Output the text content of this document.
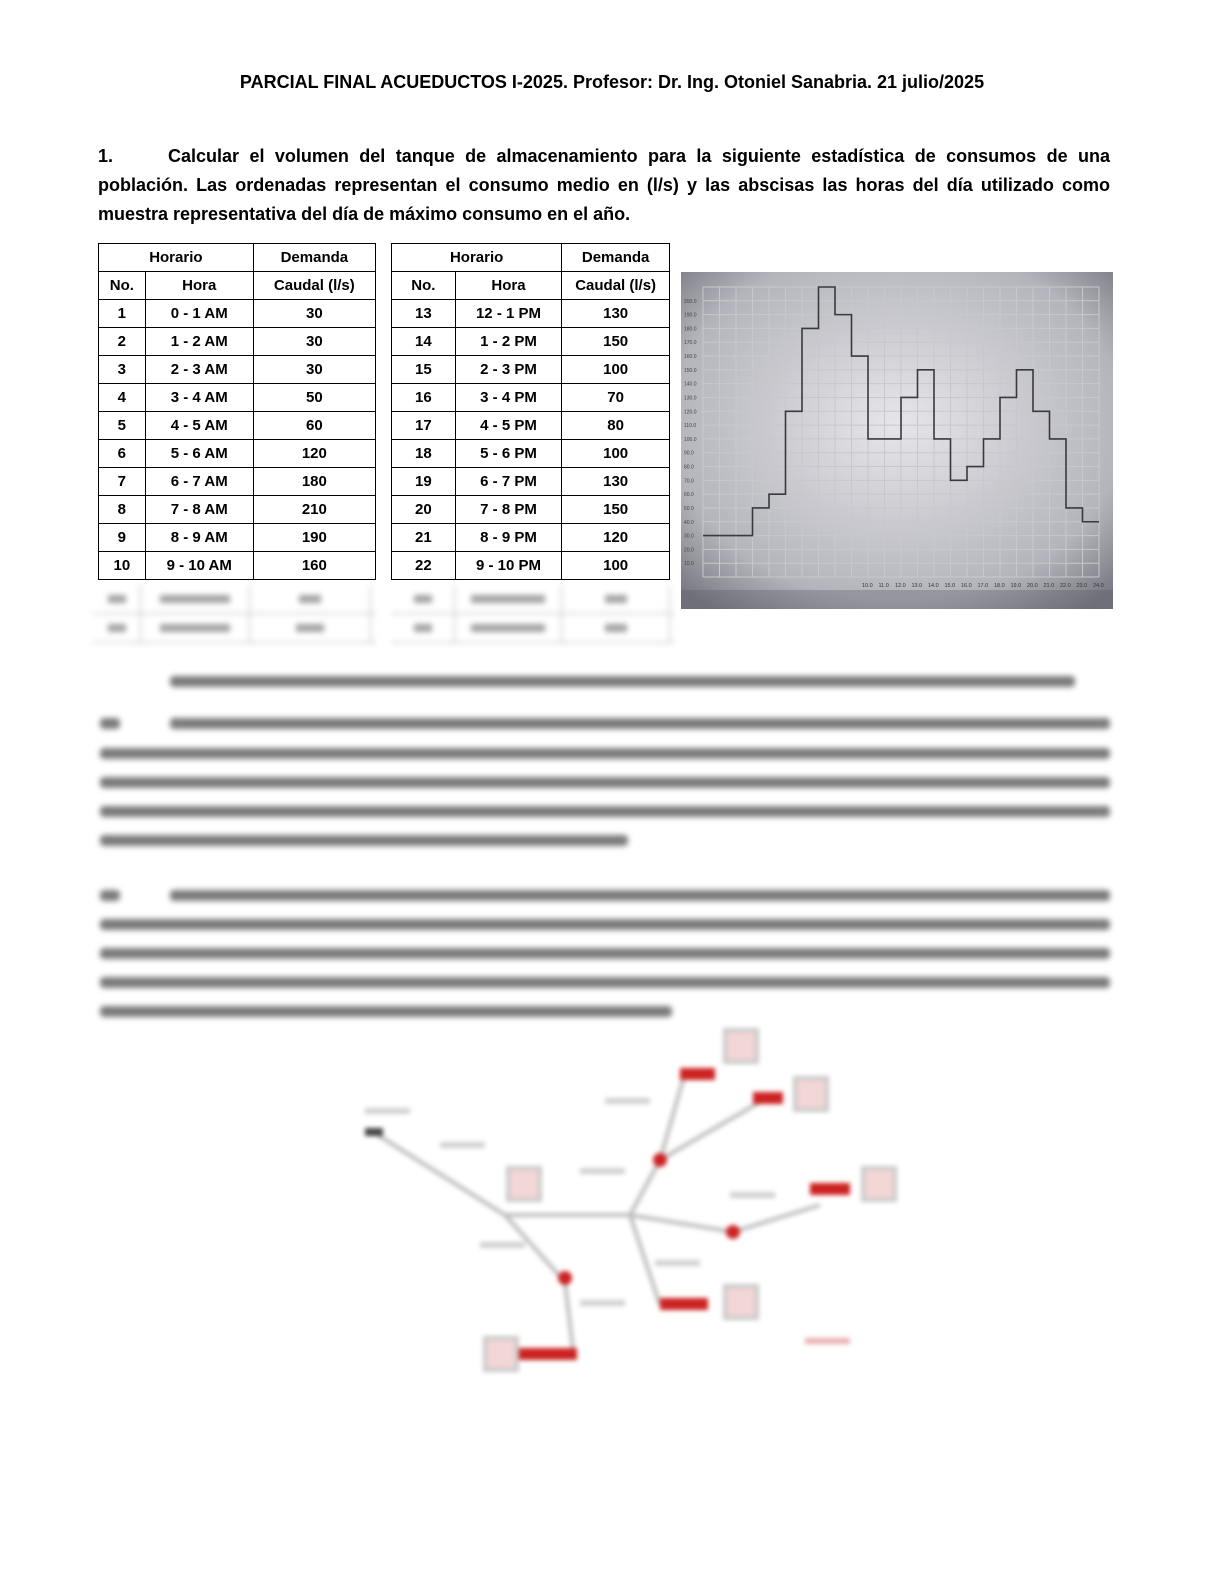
PARCIAL FINAL ACUEDUCTOS I-2025. Profesor: Dr. Ing. Otoniel Sanabria. 21 julio/2025
1.	Calcular el volumen del tanque de almacenamiento para la siguiente estadística de consumos de una población. Las ordenadas representan el consumo medio en (l/s) y las abscisas las horas del día utilizado como muestra representativa del día de máximo consumo en el año.
Horario		Demanda
No.	Hora	Caudal (l/s)
1	0 - 1 AM	30
2	1 - 2 AM	30
3	2 - 3 AM	30
4	3 - 4 AM	50
5	4 - 5 AM	60
6	5 - 6 AM	120
7	6 - 7 AM	180
8	7 - 8 AM	210
9	8 - 9 AM	190
10	9 - 10 AM	160
Horario		Demanda
No.	Hora	Caudal (l/s)
13	12 - 1 PM	130
14	1 - 2 PM	150
15	2 - 3 PM	100
16	3 - 4 PM	70
17	4 - 5 PM	80
18	5 - 6 PM	100
19	6 - 7 PM	130
20	7 - 8 PM	150
21	8 - 9 PM	120
22	9 - 10 PM	100	10.0
20.0
30.0
40.0
50.0
60.0
70.0
80.0
90.0
100.0
110.0
120.0
130.0
140.0
150.0
160.0
170.0
180.0
190.0
200.0
10.0 11.0 12.0 13.0 14.0 15.0 16.0 17.0 18.0 19.0 20.0 21.0 22.0 23.0 24.0
